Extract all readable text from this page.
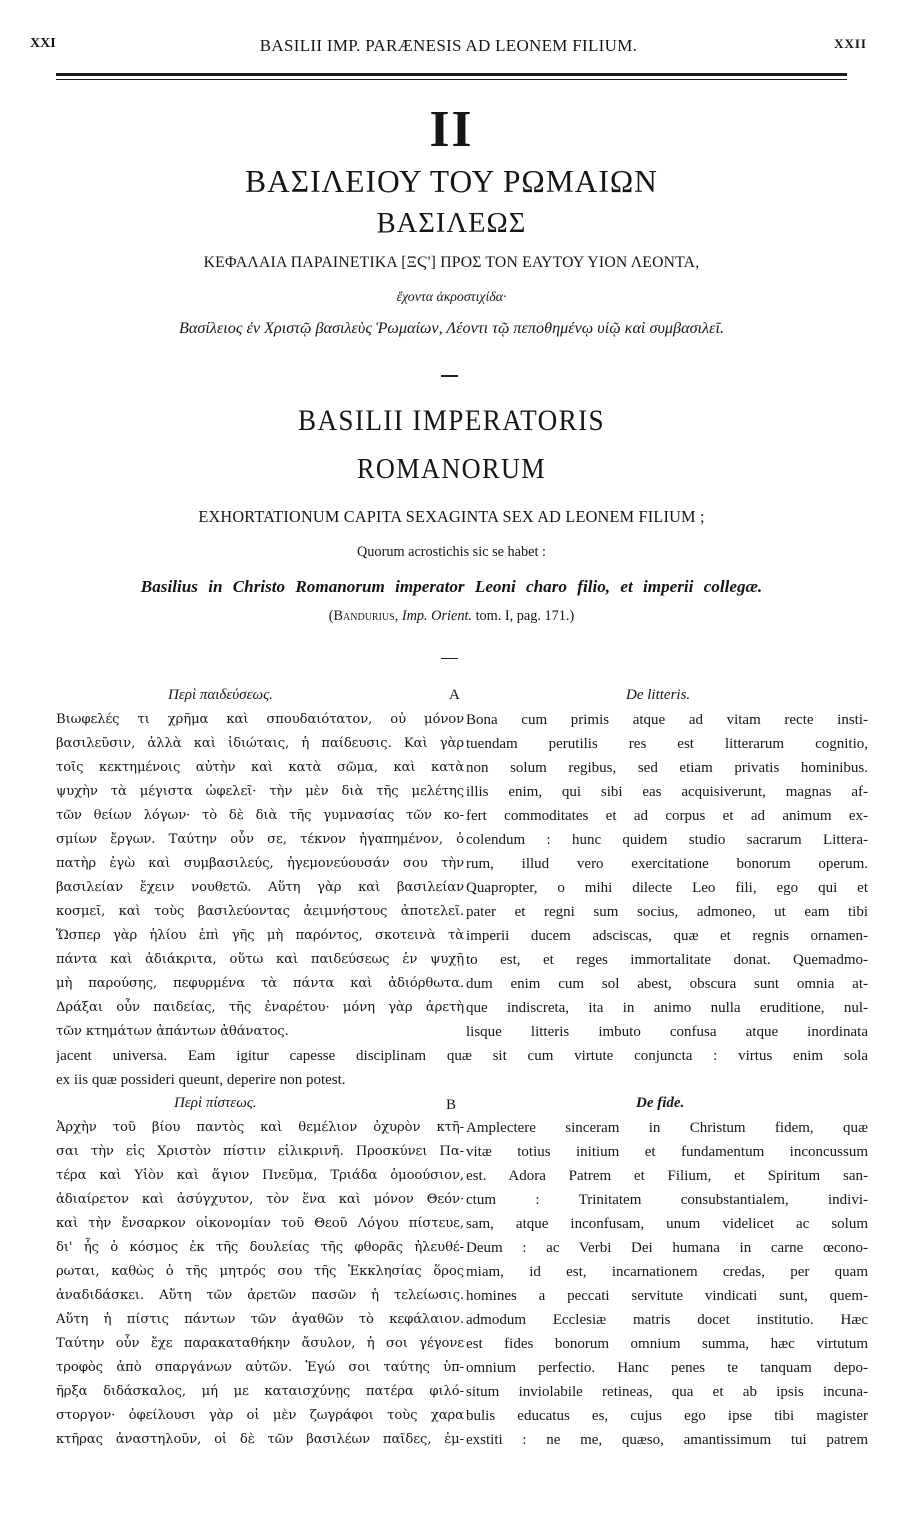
XXI	BASILII IMP. PARÆNESIS AD LEONEM FILIUM.	XXII
II
ΒΑΣΙΛΕΙΟΥ ΤΟΥ ΡΩΜΑΙΩΝ
ΒΑΣΙΛΕΩΣ
ΚΕΦΑΛΑΙΑ ΠΑΡΑΙΝΕΤΙΚΑ [ΞϚ'] ΠΡΟΣ ΤΟΝ ΕΑΥΤΟΥ ΥΙΟΝ ΛΕΟΝΤΑ,
ἔχοντα ἀκροστιχίδα·
Βασίλειος ἐν Χριστῷ βασιλεὺς Ῥωμαίων, Λέοντι τῷ πεποθημένῳ υἱῷ καὶ συμβασιλεῖ.
BASILII IMPERATORIS
ROMANORUM
EXHORTATIONUM CAPITA SEXAGINTA SEX AD LEONEM FILIUM ;
Quorum acrostichis sic se habet :
Basilius in Christo Romanorum imperator Leoni charo filio, et imperii collegæ.
(Bandurius, Imp. Orient. tom. I, pag. 171.)
Περὶ παιδεύσεως.	A	De litteris.
Βιωφελές τι χρῆμα καὶ σπουδαιότατον, οὐ μόνον
βασιλεῦσιν, ἀλλὰ καὶ ἰδιώταις, ἡ παίδευσις. Καὶ γὰρ
τοῖς κεκτημένοις αὐτὴν καὶ κατὰ σῶμα, καὶ κατὰ
ψυχὴν τὰ μέγιστα ὠφελεῖ· τὴν μὲν διὰ τῆς μελέτης
τῶν θείων λόγων· τὸ δὲ διὰ τῆς γυμνασίας τῶν κο-
σμίων ἔργων. Ταύτην οὖν σε, τέκνον ἠγαπημένον, ὁ
πατὴρ ἐγὼ καὶ συμβασιλεύς, ἡγεμονεύουσάν σου τὴν
βασιλείαν ἔχειν νουθετῶ. Αὕτη γὰρ καὶ βασιλείαν
κοσμεῖ, καὶ τοὺς βασιλεύοντας ἀειμνήστους ἀποτελεῖ.
Ὥσπερ γὰρ ἡλίου ἐπὶ γῆς μὴ παρόντος, σκοτεινὰ τὰ
πάντα καὶ ἀδιάκριτα, οὕτω καὶ παιδεύσεως ἐν ψυχῇ
μὴ παρούσης, πεφυρμένα τὰ πάντα καὶ ἀδιόρθωτα.
Δράξαι οὖν παιδείας, τῆς ἐναρέτου· μόνη γὰρ ἀρετὴ
τῶν κτημάτων ἁπάντων ἀθάνατος.
Bona cum primis atque ad vitam recte insti-
tuendam perutilis res est litterarum cognitio,
non solum regibus, sed etiam privatis hominibus.
illis enim, qui sibi eas acquisiverunt, magnas af-
fert commoditates et ad corpus et ad animum ex-
colendum : hunc quidem studio sacrarum Littera-
rum, illud vero exercitatione bonorum operum.
Quapropter, o mihi dilecte Leo fili, ego qui et
pater et regni sum socius, admoneo, ut eam tibi
imperii ducem adsciscas, quæ et regnis ornamen-
to est, et reges immortalitate donat. Quemadmo-
dum enim cum sol abest, obscura sunt omnia at-
que indiscreta, ita in animo nulla eruditione, nul-
lisque litteris imbuto confusa atque inordinata
jacent universa. Eam igitur capesse disciplinam quæ sit cum virtute conjuncta : virtus enim sola
ex iis quæ possideri queunt, deperire non potest.
Περὶ πίστεως.	B	De fide.
Ἀρχὴν τοῦ βίου παντὸς καὶ θεμέλιον ὀχυρὸν κτῆ-
σαι τὴν εἰς Χριστὸν πίστιν εἰλικρινῆ. Προσκύνει Πα-
τέρα καὶ Υἱὸν καὶ ἅγιον Πνεῦμα, Τριάδα ὁμοούσιον,
ἀδιαίρετον καὶ ἀσύγχυτον, τὸν ἕνα καὶ μόνον Θεόν·
καὶ τὴν ἔνσαρκον οἰκονομίαν τοῦ Θεοῦ Λόγου πίστευε,
δι' ἧς ὁ κόσμος ἐκ τῆς δουλείας τῆς φθορᾶς ἠλευθέ-
ρωται, καθὼς ὁ τῆς μητρός σου τῆς Ἐκκλησίας ὅρος
ἀναδιδάσκει. Αὕτη τῶν ἀρετῶν πασῶν ἡ τελείωσις.
Αὕτη ἡ πίστις πάντων τῶν ἀγαθῶν τὸ κεφάλαιον.
Ταύτην οὖν ἔχε παρακαταθήκην ἄσυλον, ἡ σοι γέγονε
τροφὸς ἀπὸ σπαργάνων αὐτῶν. Ἐγώ σοι ταύτης ὑπ-
ῆρξα διδάσκαλος, μή με καταισχύνῃς πατέρα φιλό-
στοργον· ὀφείλουσι γὰρ οἱ μὲν ζωγράφοι τοὺς χαρα
κτῆρας ἀναστηλοῦν, οἱ δὲ τῶν βασιλέων παῖδες, ἐμ-
Amplectere sinceram in Christum fidem, quæ
vitæ totius initium et fundamentum inconcussum
est. Adora Patrem et Filium, et Spiritum san-
ctum : Trinitatem consubstantialem, indivi-
sam, atque inconfusam, unum videlicet ac solum
Deum : ac Verbi Dei humana in carne œcono-
miam, id est, incarnationem credas, per quam
homines a peccati servitute vindicati sunt, quem-
admodum Ecclesiæ matris docet institutio. Hæc
est fides bonorum omnium summa, hæc virtutum
omnium perfectio. Hanc penes te tanquam depo-
situm inviolabile retineas, qua et ab ipsis incuna-
bulis educatus es, cujus ego ipse tibi magister
exstiti : ne me, quæso, amantissimum tui patrem
